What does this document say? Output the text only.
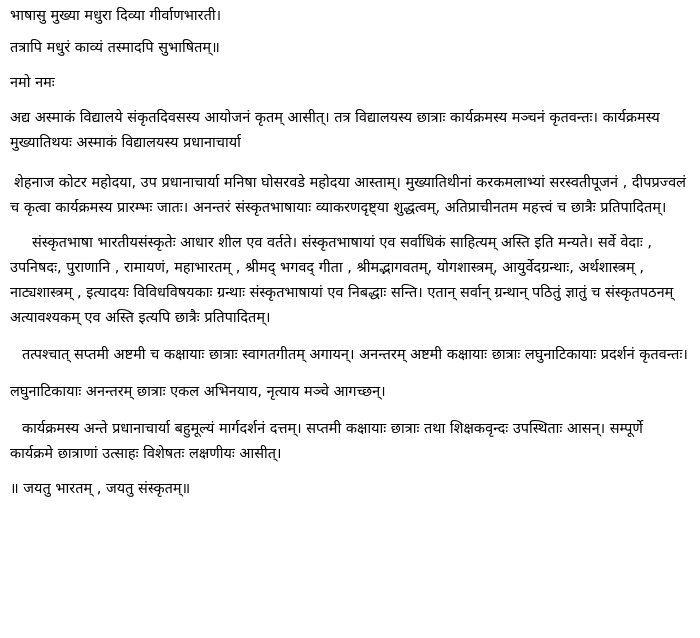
भाषासु मुख्या मधुरा दिव्या गीर्वाणभारती।

तत्रापि मधुरं काव्यं तस्मादपि सुभाषितम्॥

नमो नमः

अद्य अस्माकं विद्यालये संकृतदिवसस्य आयोजनं कृतम् आसीत्। तत्र विद्यालयस्य छात्राः कार्यक्रमस्य मञ्चनं कृतवन्तः। कार्यक्रमस्य मुख्यातिथयः अस्माकं विद्यालयस्य प्रधानाचार्या

शेहनाज कोटर महोदया, उप प्रधानाचार्या मनिषा घोसरवडे महोदया आस्ताम्। मुख्यातिथीनां करकमलाभ्यां सरस्वतीपूजनं , दीपप्रज्वलं च कृत्वा कार्यक्रमस्य प्रारम्भः जातः। अनन्तरं संस्कृतभाषायाः व्याकरणदृष्ट्या शुद्धत्वम्, अतिप्राचीनतम महत्त्वं च छात्रैः प्रतिपादितम्।

संस्कृतभाषा भारतीयसंस्कृतेः आधार शील एव वर्तते। संस्कृतभाषायां एव सर्वाधिकं साहित्यम् अस्ति इति मन्यते। सर्वे वेदाः , उपनिषदः, पुराणानि , रामायणं, महाभारतम् , श्रीमद् भगवद् गीता , श्रीमद्भागवतम्, योगशास्त्रम्, आयुर्वेदग्रन्थाः, अर्थशास्त्रम् , नाट्यशास्त्रम् , इत्यादयः विविधविषयकाः ग्रन्थाः संस्कृतभाषायां एव निबद्धाः सन्ति। एतान् सर्वान् ग्रन्थान् पठितुं ज्ञातुं च संस्कृतपठनम् अत्यावश्यकम् एव अस्ति इत्यपि छात्रैः प्रतिपादितम्।

तत्पश्चात् सप्तमी अष्टमी च कक्षायाः छात्राः स्वागतगीतम् अगायन्। अनन्तरम् अष्टमी कक्षायाः छात्राः लघुनाटिकायाः प्रदर्शनं कृतवन्तः।

लघुनाटिकायाः अनन्तरम् छात्राः एकल अभिनयाय, नृत्याय मञ्चे आगच्छन्।

कार्यक्रमस्य अन्ते प्रधानाचार्या बहुमूल्यं मार्गदर्शनं दत्तम्। सप्तमी कक्षायाः छात्राः तथा शिक्षकवृन्दः उपस्थिताः आसन्। सम्पूर्णे कार्यक्रमे छात्राणां उत्साहः विशेषतः लक्षणीयः आसीत्।

॥ जयतु भारतम् , जयतु संस्कृतम्॥
